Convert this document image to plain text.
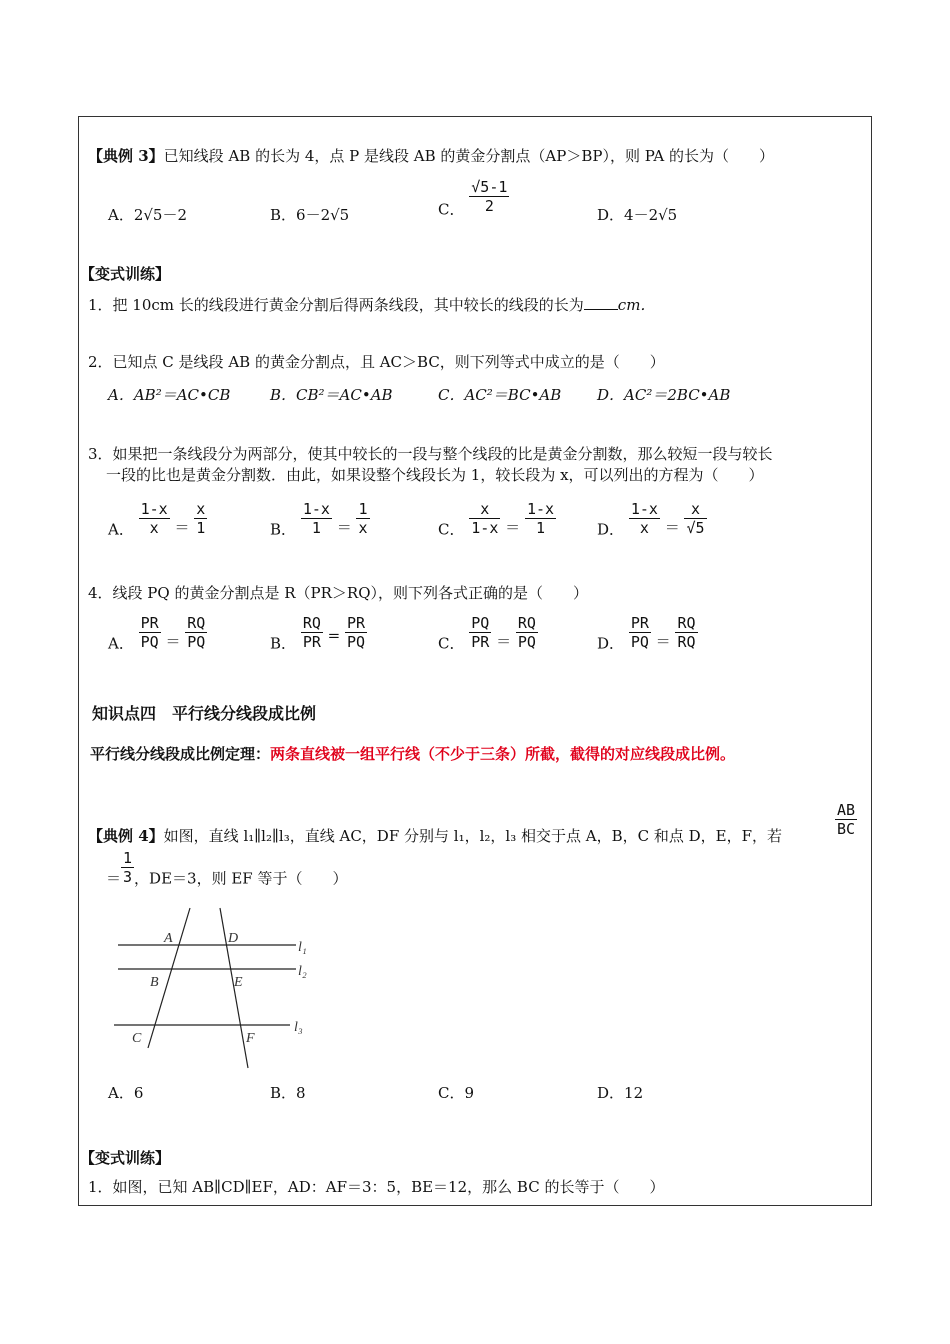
【典例 3】已知线段 AB 的长为 4，点 P 是线段 AB 的黄金分割点（AP＞BP），则 PA 的长为（　　）
A．2√5－2	B．6－2√5	C． $\frac{√5-1}{2}$	D．4－2√5
【变式训练】
1．把 10cm 长的线段进行黄金分割后得两条线段，其中较长的线段的长为 cm．
2．已知点 C 是线段 AB 的黄金分割点，且 AC＞BC，则下列等式中成立的是（　　）
A．AB²＝AC•CB	B．CB²＝AC•AB	C．AC²＝BC•AB D．AC²＝2BC•AB
3．如果把一条线段分为两部分，使其中较长的一段与整个线段的比是黄金分割数，那么较短一段与较长
一段的比也是黄金分割数．由此，如果设整个线段长为 1，较长段为 x，可以列出的方程为（　　）
A． $\frac{1-x}{x} = \frac{x}{1}$	B． $\frac{1-x}{1} = \frac{1}{x}$	C． $\frac{x}{1-x} = \frac{1-x}{1}$	D． $\frac{1-x}{x} = \frac{x}{√5}$
4．线段 PQ 的黄金分割点是 R（PR＞RQ），则下列各式正确的是（　　）
A． $\frac{PR}{PQ} = \frac{RQ}{PQ}$	B． $\frac{RQ}{PR} = \frac{PR}{PQ}$	C． $\frac{PQ}{PR} = \frac{RQ}{PQ}$	D． $\frac{PR}{PQ} = \frac{RQ}{RQ}$
知识点四　平行线分线段成比例
平行线分线段成比例定理：两条直线被一组平行线（不少于三条）所截，截得的对应线段成比例。
【典例 4】如图，直线 l₁∥l₂∥l₃，直线 AC，DF 分别与 l₁，l₂，l₃ 相交于点 A，B，C 和点 D，E，F，若	$\frac{AB}{BC}$
＝ $\frac{1}{3}$ ，DE＝3，则 EF 等于（　　）
A	D
B	E
C	F
l₁
l₂
l₃
A．6	B．8	C．9	D．12
【变式训练】
1．如图，已知 AB∥CD∥EF，AD：AF＝3：5，BE＝12，那么 BC 的长等于（　　）
